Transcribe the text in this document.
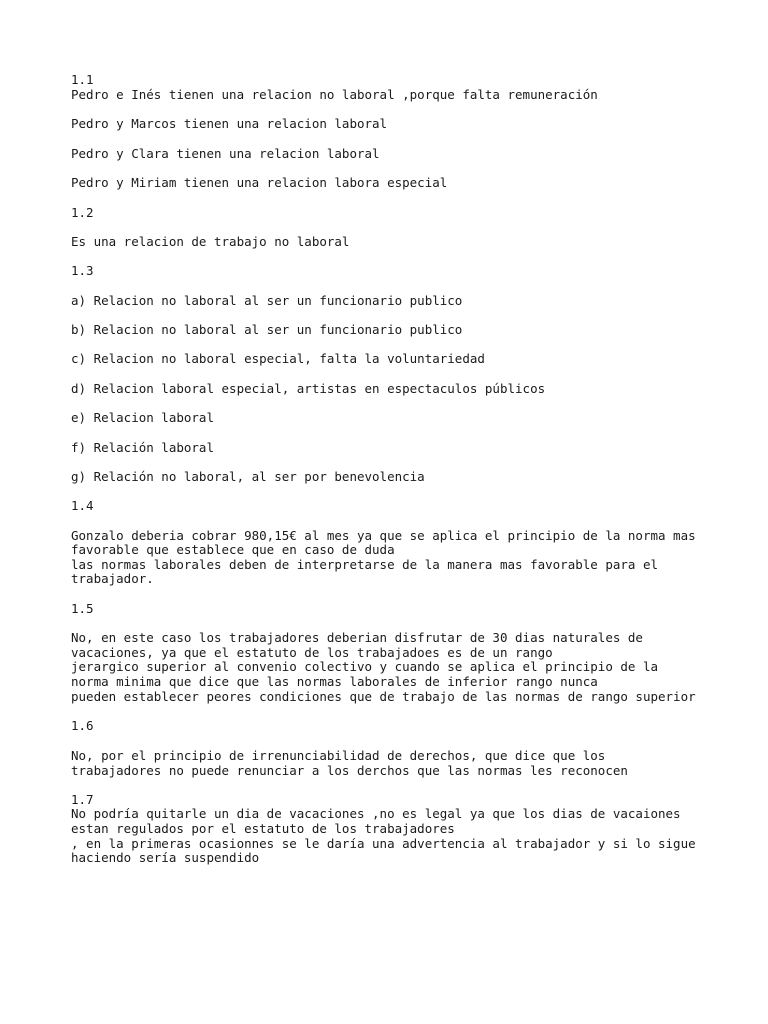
1.1

Pedro e Inés tienen una relacion no laboral ,porque falta remuneración

Pedro y Marcos tienen una relacion laboral

Pedro y Clara tienen una relacion laboral

Pedro y Miriam tienen una relacion labora especial

1.2

Es una relacion de trabajo no laboral

1.3

a) Relacion no laboral al ser un funcionario publico

b) Relacion no laboral al ser un funcionario publico

c) Relacion no laboral especial, falta la voluntariedad

d) Relacion laboral especial, artistas en espectaculos públicos

e) Relacion laboral

f) Relación laboral

g) Relación no laboral, al ser por benevolencia

1.4

Gonzalo deberia cobrar 980,15€ al mes ya que se aplica el principio de la norma mas

favorable que establece que en caso de duda

las normas laborales deben de interpretarse de la manera mas favorable para el

trabajador.

1.5

No, en este caso los trabajadores deberian disfrutar de 30 dias naturales de

vacaciones, ya que el estatuto de los trabajadoes es de un rango

jerargico superior al convenio colectivo y cuando se aplica el principio de la

norma minima que dice que las normas laborales de inferior rango nunca

pueden establecer peores condiciones que de trabajo de las normas de rango superior

1.6

No, por el principio de irrenunciabilidad de derechos, que dice que los

trabajadores no puede renunciar a los derchos que las normas les reconocen

1.7

No podría quitarle un dia de vacaciones ,no es legal ya que los dias de vacaiones

estan regulados por el estatuto de los trabajadores

, en la primeras ocasionnes se le daría una advertencia al trabajador y si lo sigue

haciendo sería suspendido
